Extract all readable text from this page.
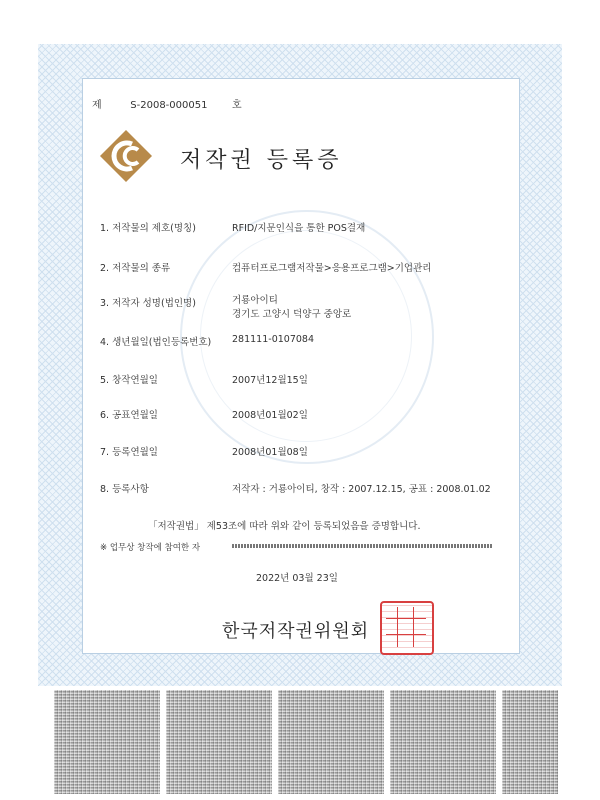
제	S-2008-000051 호
저작권 등록증
1. 저작물의 제호(명칭)	RFID/지문인식을 통한 POS결재
2. 저작물의 종류	컴퓨터프로그램저작물>응용프로그램>기업관리
3. 저작자 성명(법인명)	거룡아이티
경기도 고양시 덕양구 중앙로
4. 생년월일(법인등록번호) 281111-0107084
5. 창작연월일	2007년12월15일
6. 공표연월일	2008년01월02일
7. 등록연월일	2008년01월08일
8. 등록사항	저작자 : 거룡아이티, 창작 : 2007.12.15, 공표 : 2008.01.02
「저작권법」 제53조에 따라 위와 같이 등록되었음을 증명합니다.
※ 업무상 창작에 참여한 자
2022년 03월 23일
한국저작권위원회
